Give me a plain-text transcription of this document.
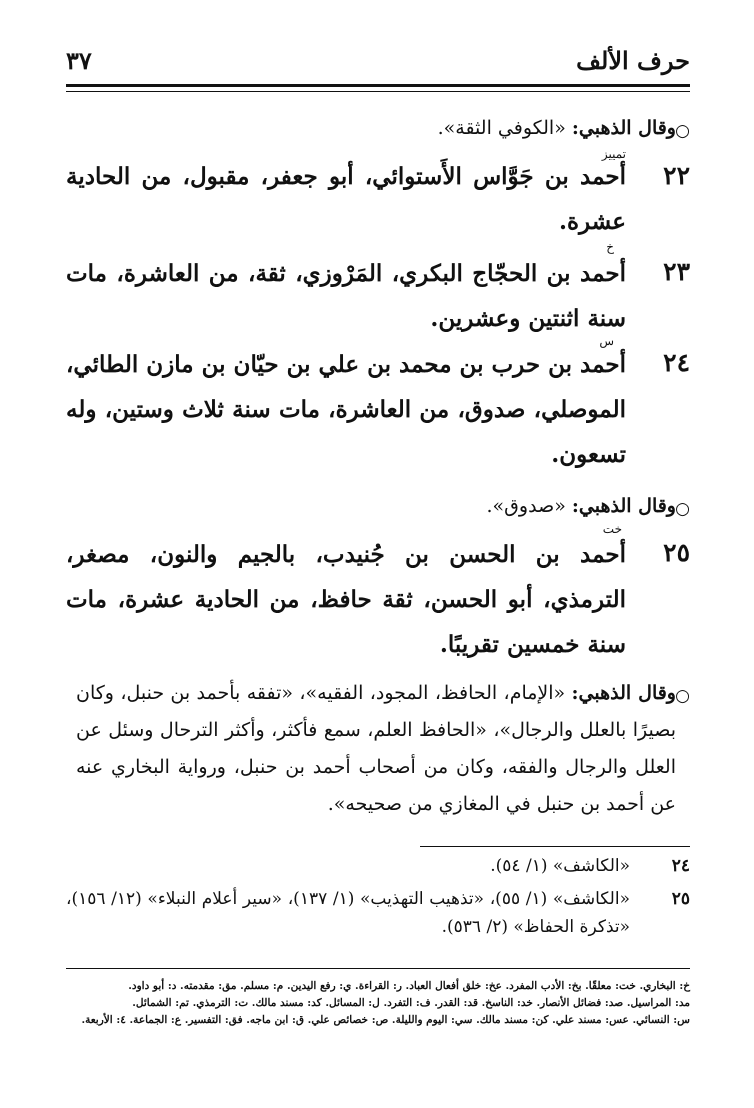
حرف الألف
٣٧
○
وقال الذهبي: «الكوفي الثقة».
تمييز
٢٢
أحمد بن جَوَّاس الأَستوائي، أبو جعفر، مقبول، من الحادية عشرة.
خ
٢٣
أحمد بن الحجّاج البكري، المَرْوزي، ثقة، من العاشرة، مات سنة اثنتين وعشرين.
س
٢٤
أحمد بن حرب بن محمد بن علي بن حيّان بن مازن الطائي، الموصلي، صدوق، من العاشرة، مات سنة ثلاث وستين، وله تسعون.
○
وقال الذهبي: «صدوق».
خت
٢٥
أحمد بن الحسن بن جُنيدب، بالجيم والنون، مصغر، الترمذي، أبو الحسن، ثقة حافظ، من الحادية عشرة، مات سنة خمسين تقريبًا.
○
وقال الذهبي: «الإمام، الحافظ، المجود، الفقيه»، «تفقه بأحمد بن حنبل، وكان بصيرًا بالعلل والرجال»، «الحافظ العلم، سمع فأكثر، وأكثر الترحال وسئل عن العلل والرجال والفقه، وكان من أصحاب أحمد بن حنبل، ورواية البخاري عنه عن أحمد بن حنبل في المغازي من صحيحه».
٢٤
«الكاشف» (١/ ٥٤).
٢٥
«الكاشف» (١/ ٥٥)، «تذهيب التهذيب» (١/ ١٣٧)، «سير أعلام النبلاء» (١٢/ ١٥٦)، «تذكرة الحفاظ» (٢/ ٥٣٦).
خ: البخاري. خت: معلقًا. بخ: الأدب المفرد. عخ: خلق أفعال العباد. ر: القراءة. ي: رفع اليدين. م: مسلم. مق: مقدمته. د: أبو داود.
مد: المراسيل. صد: فضائل الأنصار. خد: الناسخ. قد: القدر. ف: التفرد. ل: المسائل. كد: مسند مالك. ت: الترمذي. تم: الشمائل.
س: النسائي. عس: مسند علي. كن: مسند مالك. سي: اليوم والليلة. ص: خصائص علي. ق: ابن ماجه. فق: التفسير. ع: الجماعة. ٤: الأربعة.
